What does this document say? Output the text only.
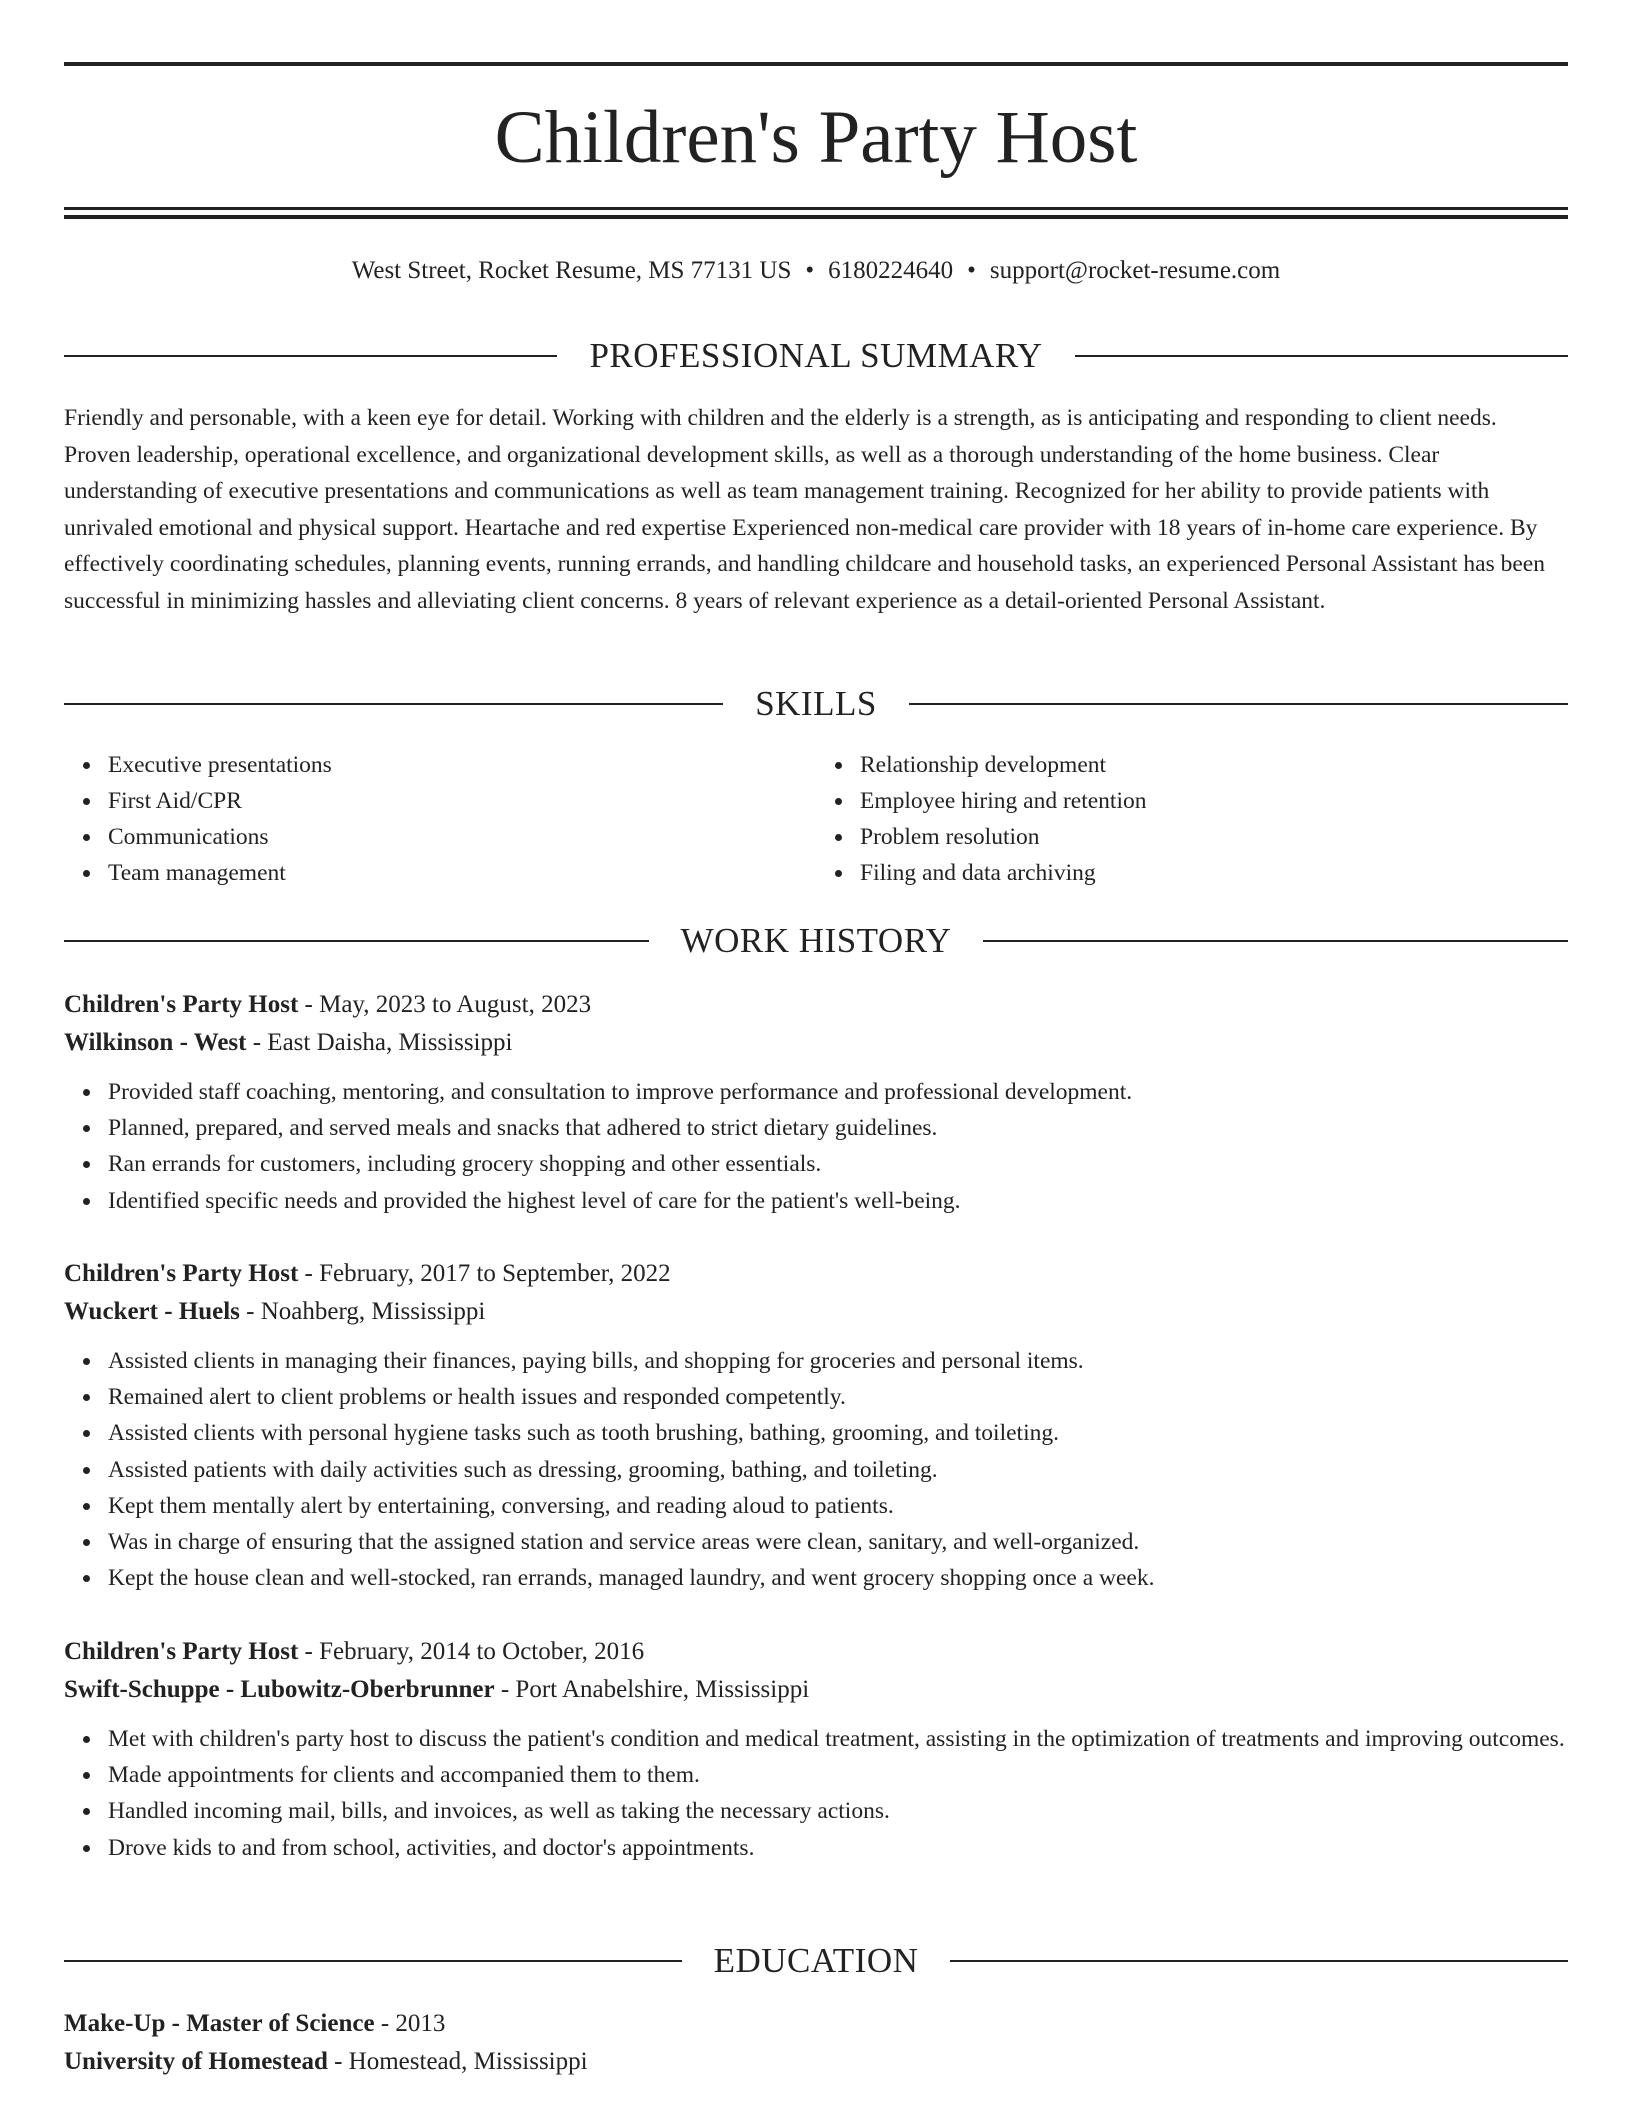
Children's Party Host
West Street, Rocket Resume, MS 77131 US • 6180224640 • support@rocket-resume.com
PROFESSIONAL SUMMARY

Friendly and personable, with a keen eye for detail. Working with children and the elderly is a strength, as is anticipating and responding to client needs. Proven leadership, operational excellence, and organizational development skills, as well as a thorough understanding of the home business. Clear understanding of executive presentations and communications as well as team management training. Recognized for her ability to provide patients with unrivaled emotional and physical support. Heartache and red expertise Experienced non-medical care provider with 18 years of in-home care experience. By effectively coordinating schedules, planning events, running errands, and handling childcare and household tasks, an experienced Personal Assistant has been successful in minimizing hassles and alleviating client concerns. 8 years of relevant experience as a detail-oriented Personal Assistant.

SKILLS
Executive presentations
First Aid/CPR
Communications
Team management
Relationship development
Employee hiring and retention
Problem resolution
Filing and data archiving
WORK HISTORY
Children's Party Host - May, 2023 to August, 2023
Wilkinson - West - East Daisha, Mississippi
Provided staff coaching, mentoring, and consultation to improve performance and professional development.
Planned, prepared, and served meals and snacks that adhered to strict dietary guidelines.
Ran errands for customers, including grocery shopping and other essentials.
Identified specific needs and provided the highest level of care for the patient's well-being.
Children's Party Host - February, 2017 to September, 2022
Wuckert - Huels - Noahberg, Mississippi
Assisted clients in managing their finances, paying bills, and shopping for groceries and personal items.
Remained alert to client problems or health issues and responded competently.
Assisted clients with personal hygiene tasks such as tooth brushing, bathing, grooming, and toileting.
Assisted patients with daily activities such as dressing, grooming, bathing, and toileting.
Kept them mentally alert by entertaining, conversing, and reading aloud to patients.
Was in charge of ensuring that the assigned station and service areas were clean, sanitary, and well-organized.
Kept the house clean and well-stocked, ran errands, managed laundry, and went grocery shopping once a week.
Children's Party Host - February, 2014 to October, 2016
Swift-Schuppe - Lubowitz-Oberbrunner - Port Anabelshire, Mississippi
Met with children's party host to discuss the patient's condition and medical treatment, assisting in the optimization of treatments and improving outcomes.
Made appointments for clients and accompanied them to them.
Handled incoming mail, bills, and invoices, as well as taking the necessary actions.
Drove kids to and from school, activities, and doctor's appointments.
EDUCATION
Make-Up - Master of Science - 2013
University of Homestead - Homestead, Mississippi
